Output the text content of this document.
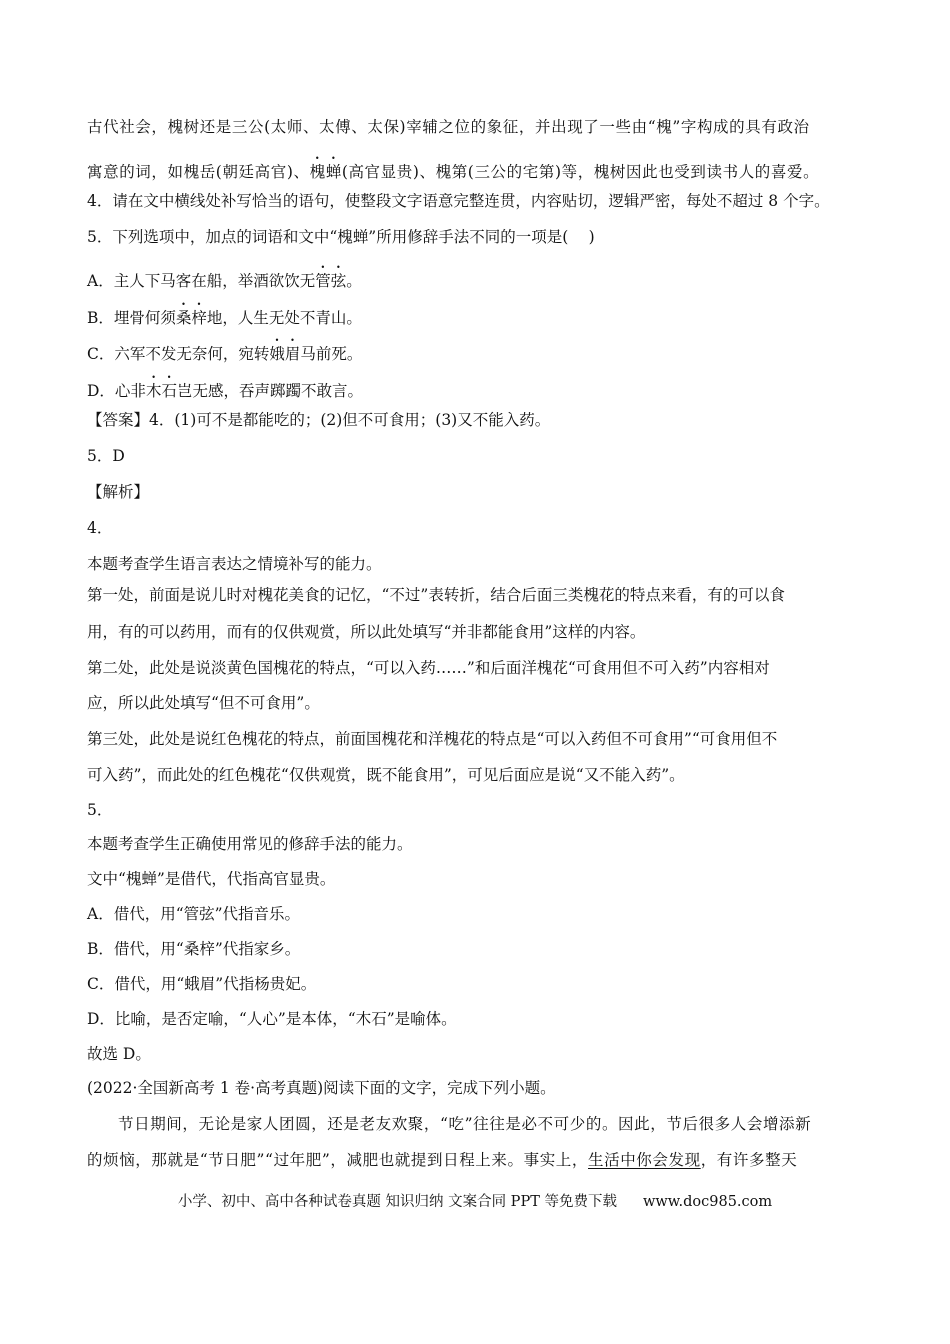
古代社会，槐树还是三公(太师、太傅、太保)宰辅之位的象征，并出现了一些由“槐”字构成的具有政治
寓意的词，如槐岳(朝廷高官)、槐蝉(高官显贵)、槐第(三公的宅第)等，槐树因此也受到读书人的喜爱。
4．请在文中横线处补写恰当的语句，使整段文字语意完整连贯，内容贴切，逻辑严密，每处不超过 8 个字。
5．下列选项中，加点的词语和文中“槐蝉”所用修辞手法不同的一项是(　 )
A．主人下马客在船，举酒欲饮无管弦。
B．埋骨何须桑梓地，人生无处不青山。
C．六军不发无奈何，宛转娥眉马前死。
D．心非木石岂无感，吞声踯躅不敢言。
【答案】4．(1)可不是都能吃的；(2)但不可食用；(3)又不能入药。
5．D
【解析】
4．
本题考查学生语言表达之情境补写的能力。
第一处，前面是说儿时对槐花美食的记忆，“不过”表转折，结合后面三类槐花的特点来看，有的可以食
用，有的可以药用，而有的仅供观赏，所以此处填写“并非都能食用”这样的内容。
第二处，此处是说淡黄色国槐花的特点，“可以入药……”和后面洋槐花“可食用但不可入药”内容相对
应，所以此处填写“但不可食用”。
第三处，此处是说红色槐花的特点，前面国槐花和洋槐花的特点是“可以入药但不可食用”“可食用但不
可入药”，而此处的红色槐花“仅供观赏，既不能食用”，可见后面应是说“又不能入药”。
5．
本题考查学生正确使用常见的修辞手法的能力。
文中“槐蝉”是借代，代指高官显贵。
A．借代，用“管弦”代指音乐。
B．借代，用“桑梓”代指家乡。
C．借代，用“蛾眉”代指杨贵妃。
D．比喻，是否定喻，“人心”是本体，“木石”是喻体。
故选 D。
(2022·全国新高考 1 卷·高考真题)阅读下面的文字，完成下列小题。
节日期间，无论是家人团圆，还是老友欢聚，“吃”往往是必不可少的。因此，节后很多人会增添新
的烦恼，那就是“节日肥”“过年肥”，减肥也就提到日程上来。事实上，生活中你会发现，有许多整天
小学、初中、高中各种试卷真题 知识归纳 文案合同 PPT 等免费下载 www.doc985.com
